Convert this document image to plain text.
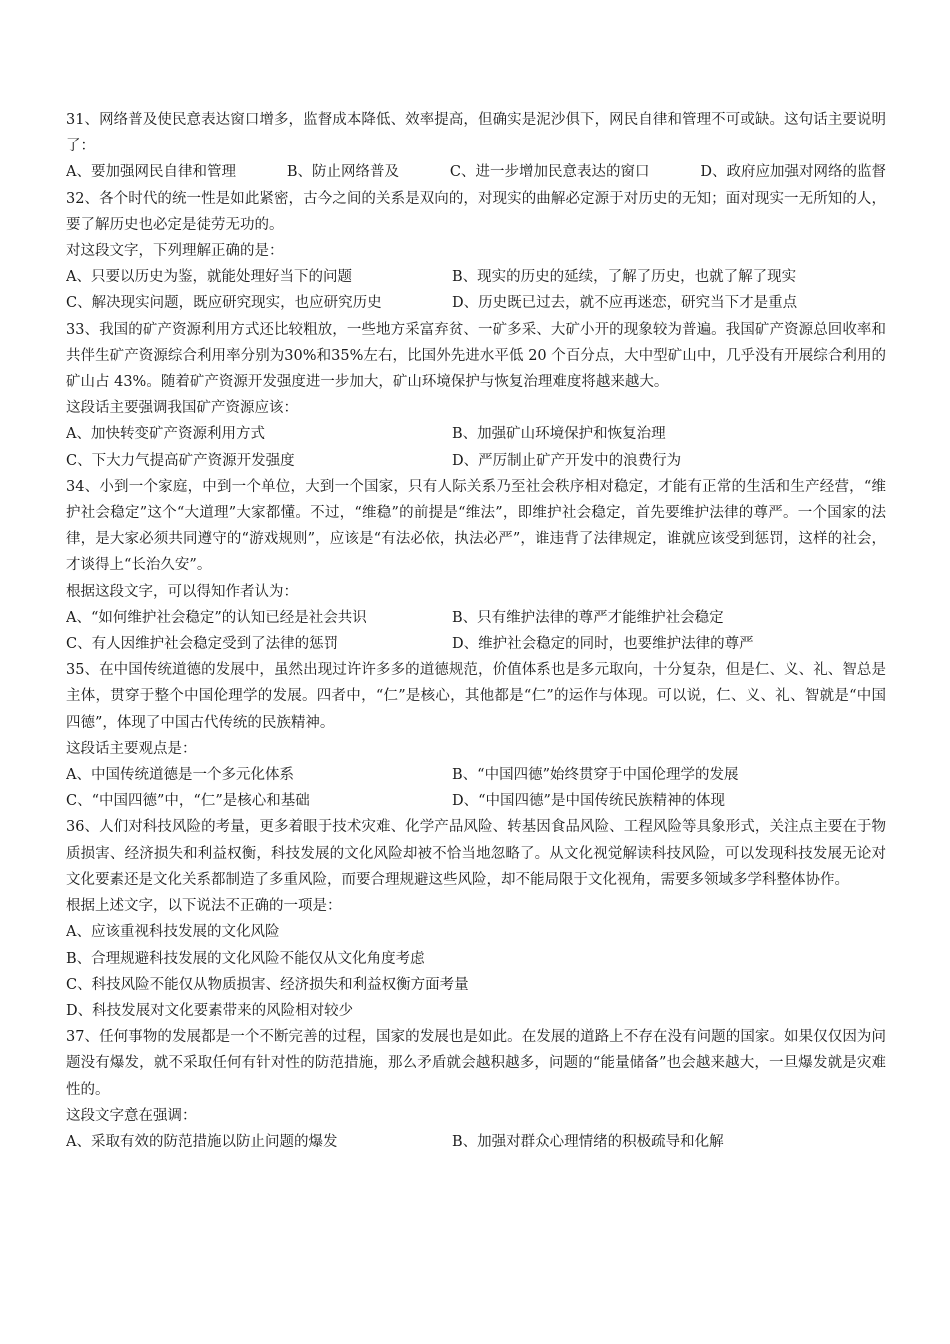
31、网络普及使民意表达窗口增多，监督成本降低、效率提高，但确实是泥沙俱下，网民自律和管理不可或缺。这句话主要说明了：
A、要加强网民自律和管理	B、防止网络普及	C、进一步增加民意表达的窗口	D、政府应加强对网络的监督
32、各个时代的统一性是如此紧密，古今之间的关系是双向的，对现实的曲解必定源于对历史的无知；面对现实一无所知的人，要了解历史也必定是徒劳无功的。
对这段文字，下列理解正确的是：
A、只要以历史为鉴，就能处理好当下的问题	B、现实的历史的延续，了解了历史，也就了解了现实
C、解决现实问题，既应研究现实，也应研究历史	D、历史既已过去，就不应再迷恋，研究当下才是重点
33、我国的矿产资源利用方式还比较粗放，一些地方采富弃贫、一矿多采、大矿小开的现象较为普遍。我国矿产资源总回收率和共伴生矿产资源综合利用率分别为30%和35%左右，比国外先进水平低 20 个百分点，大中型矿山中，几乎没有开展综合利用的矿山占 43%。随着矿产资源开发强度进一步加大，矿山环境保护与恢复治理难度将越来越大。
这段话主要强调我国矿产资源应该：
A、加快转变矿产资源利用方式	B、加强矿山环境保护和恢复治理
C、下大力气提高矿产资源开发强度	D、严厉制止矿产开发中的浪费行为
34、小到一个家庭，中到一个单位，大到一个国家，只有人际关系乃至社会秩序相对稳定，才能有正常的生活和生产经营，“维护社会稳定”这个“大道理”大家都懂。不过，“维稳”的前提是“维法”，即维护社会稳定，首先要维护法律的尊严。一个国家的法律，是大家必须共同遵守的“游戏规则”，应该是“有法必依，执法必严”，谁违背了法律规定，谁就应该受到惩罚，这样的社会，才谈得上“长治久安”。
根据这段文字，可以得知作者认为：
A、“如何维护社会稳定”的认知已经是社会共识	B、只有维护法律的尊严才能维护社会稳定
C、有人因维护社会稳定受到了法律的惩罚	D、维护社会稳定的同时，也要维护法律的尊严
35、在中国传统道德的发展中，虽然出现过许许多多的道德规范，价值体系也是多元取向，十分复杂，但是仁、义、礼、智总是主体，贯穿于整个中国伦理学的发展。四者中，“仁”是核心，其他都是“仁”的运作与体现。可以说，仁、义、礼、智就是“中国四德”，体现了中国古代传统的民族精神。
这段话主要观点是：
A、中国传统道德是一个多元化体系	B、“中国四德”始终贯穿于中国伦理学的发展
C、“中国四德”中，“仁”是核心和基础	D、“中国四德”是中国传统民族精神的体现
36、人们对科技风险的考量，更多着眼于技术灾难、化学产品风险、转基因食品风险、工程风险等具象形式，关注点主要在于物质损害、经济损失和利益权衡，科技发展的文化风险却被不恰当地忽略了。从文化视觉解读科技风险，可以发现科技发展无论对文化要素还是文化关系都制造了多重风险，而要合理规避这些风险，却不能局限于文化视角，需要多领域多学科整体协作。
根据上述文字，以下说法不正确的一项是：
A、应该重视科技发展的文化风险
B、合理规避科技发展的文化风险不能仅从文化角度考虑
C、科技风险不能仅从物质损害、经济损失和利益权衡方面考量
D、科技发展对文化要素带来的风险相对较少
37、任何事物的发展都是一个不断完善的过程，国家的发展也是如此。在发展的道路上不存在没有问题的国家。如果仅仅因为问题没有爆发，就不采取任何有针对性的防范措施，那么矛盾就会越积越多，问题的“能量储备”也会越来越大，一旦爆发就是灾难性的。
这段文字意在强调：
A、采取有效的防范措施以防止问题的爆发	B、加强对群众心理情绪的积极疏导和化解
